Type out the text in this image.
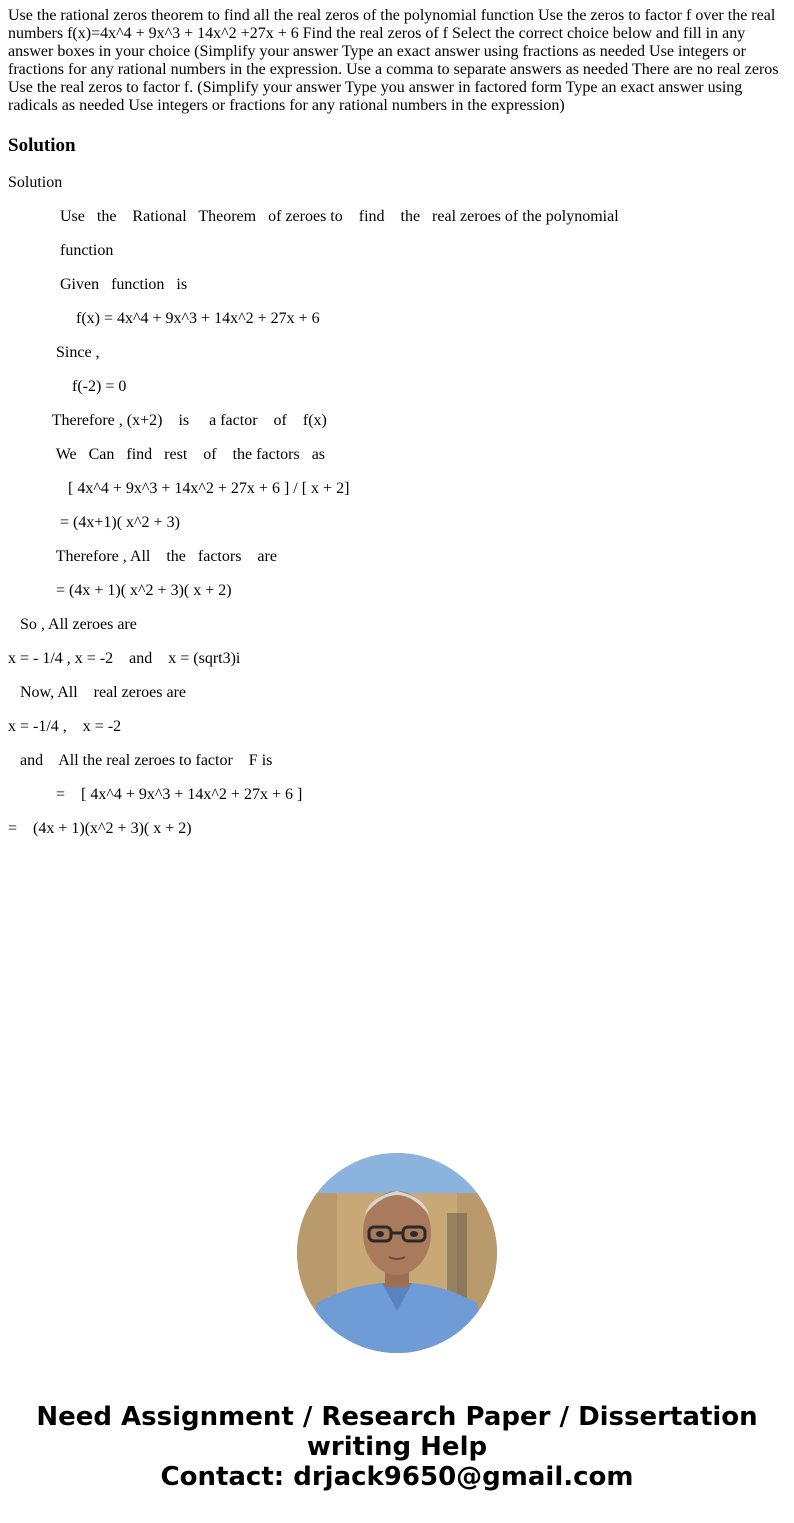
Use the rational zeros theorem to find all the real zeros of the polynomial function Use the zeros to factor f over the real numbers f(x)=4x^4 + 9x^3 + 14x^2 +27x + 6 Find the real zeros of f Select the correct choice below and fill in any answer boxes in your choice (Simplify your answer Type an exact answer using fractions as needed Use integers or fractions for any rational numbers in the expression. Use a comma to separate answers as needed There are no real zeros Use the real zeros to factor f. (Simplify your answer Type you answer in factored form Type an exact answer using radicals as needed Use integers or fractions for any rational numbers in the expression)

Solution
Solution
Use   the    Rational   Theorem   of zeroes to    find    the   real zeroes of the polynomial
function
Given   function   is
f(x) = 4x^4 + 9x^3 + 14x^2 + 27x + 6
Since ,
f(-2) = 0
Therefore , (x+2)    is     a factor    of    f(x)
We   Can   find   rest    of    the factors   as
[ 4x^4 + 9x^3 + 14x^2 + 27x + 6 ] / [ x + 2]
= (4x+1)( x^2 + 3)
Therefore , All    the   factors    are
= (4x + 1)( x^2 + 3)( x + 2)
So , All zeroes are
x = - 1/4 , x = -2    and    x = (sqrt3)i
Now, All    real zeroes are
x = -1/4 ,    x = -2
and    All the real zeroes to factor    F is
=    [ 4x^4 + 9x^3 + 14x^2 + 27x + 6 ]
=    (4x + 1)(x^2 + 3)( x + 2)
Need Assignment / Research Paper / Dissertation
writing Help
Contact: drjack9650@gmail.com
